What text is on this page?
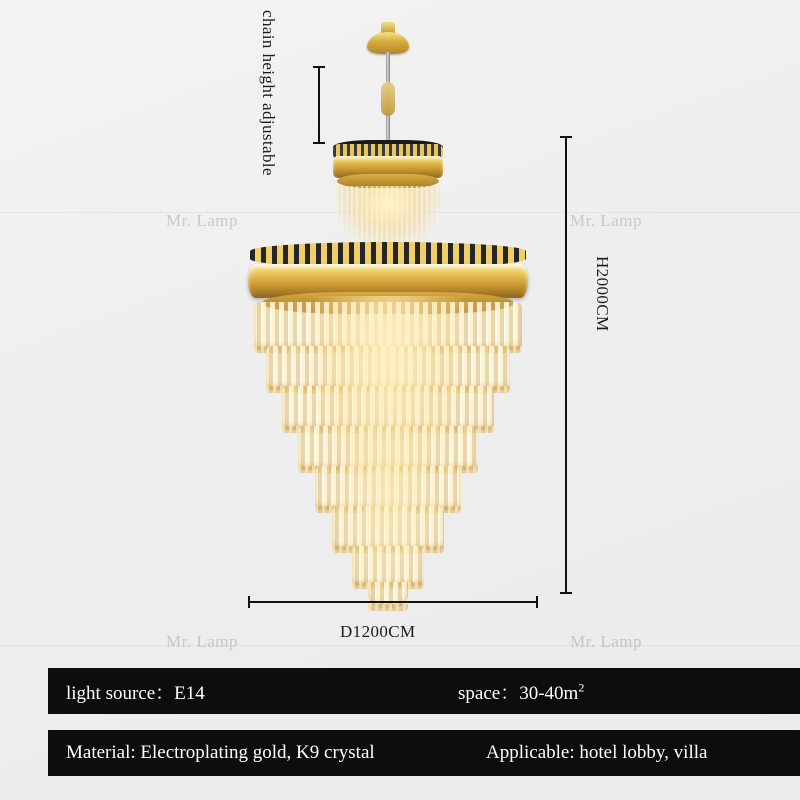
Mr. Lamp	Mr. Lamp
Mr. Lamp	Mr. Lamp
chain height adjustable
H2000CM
D1200CM
light source：E14	space：$30-40m^2$
Material: Electroplating gold, K9 crystal	Applicable: hotel lobby, villa
